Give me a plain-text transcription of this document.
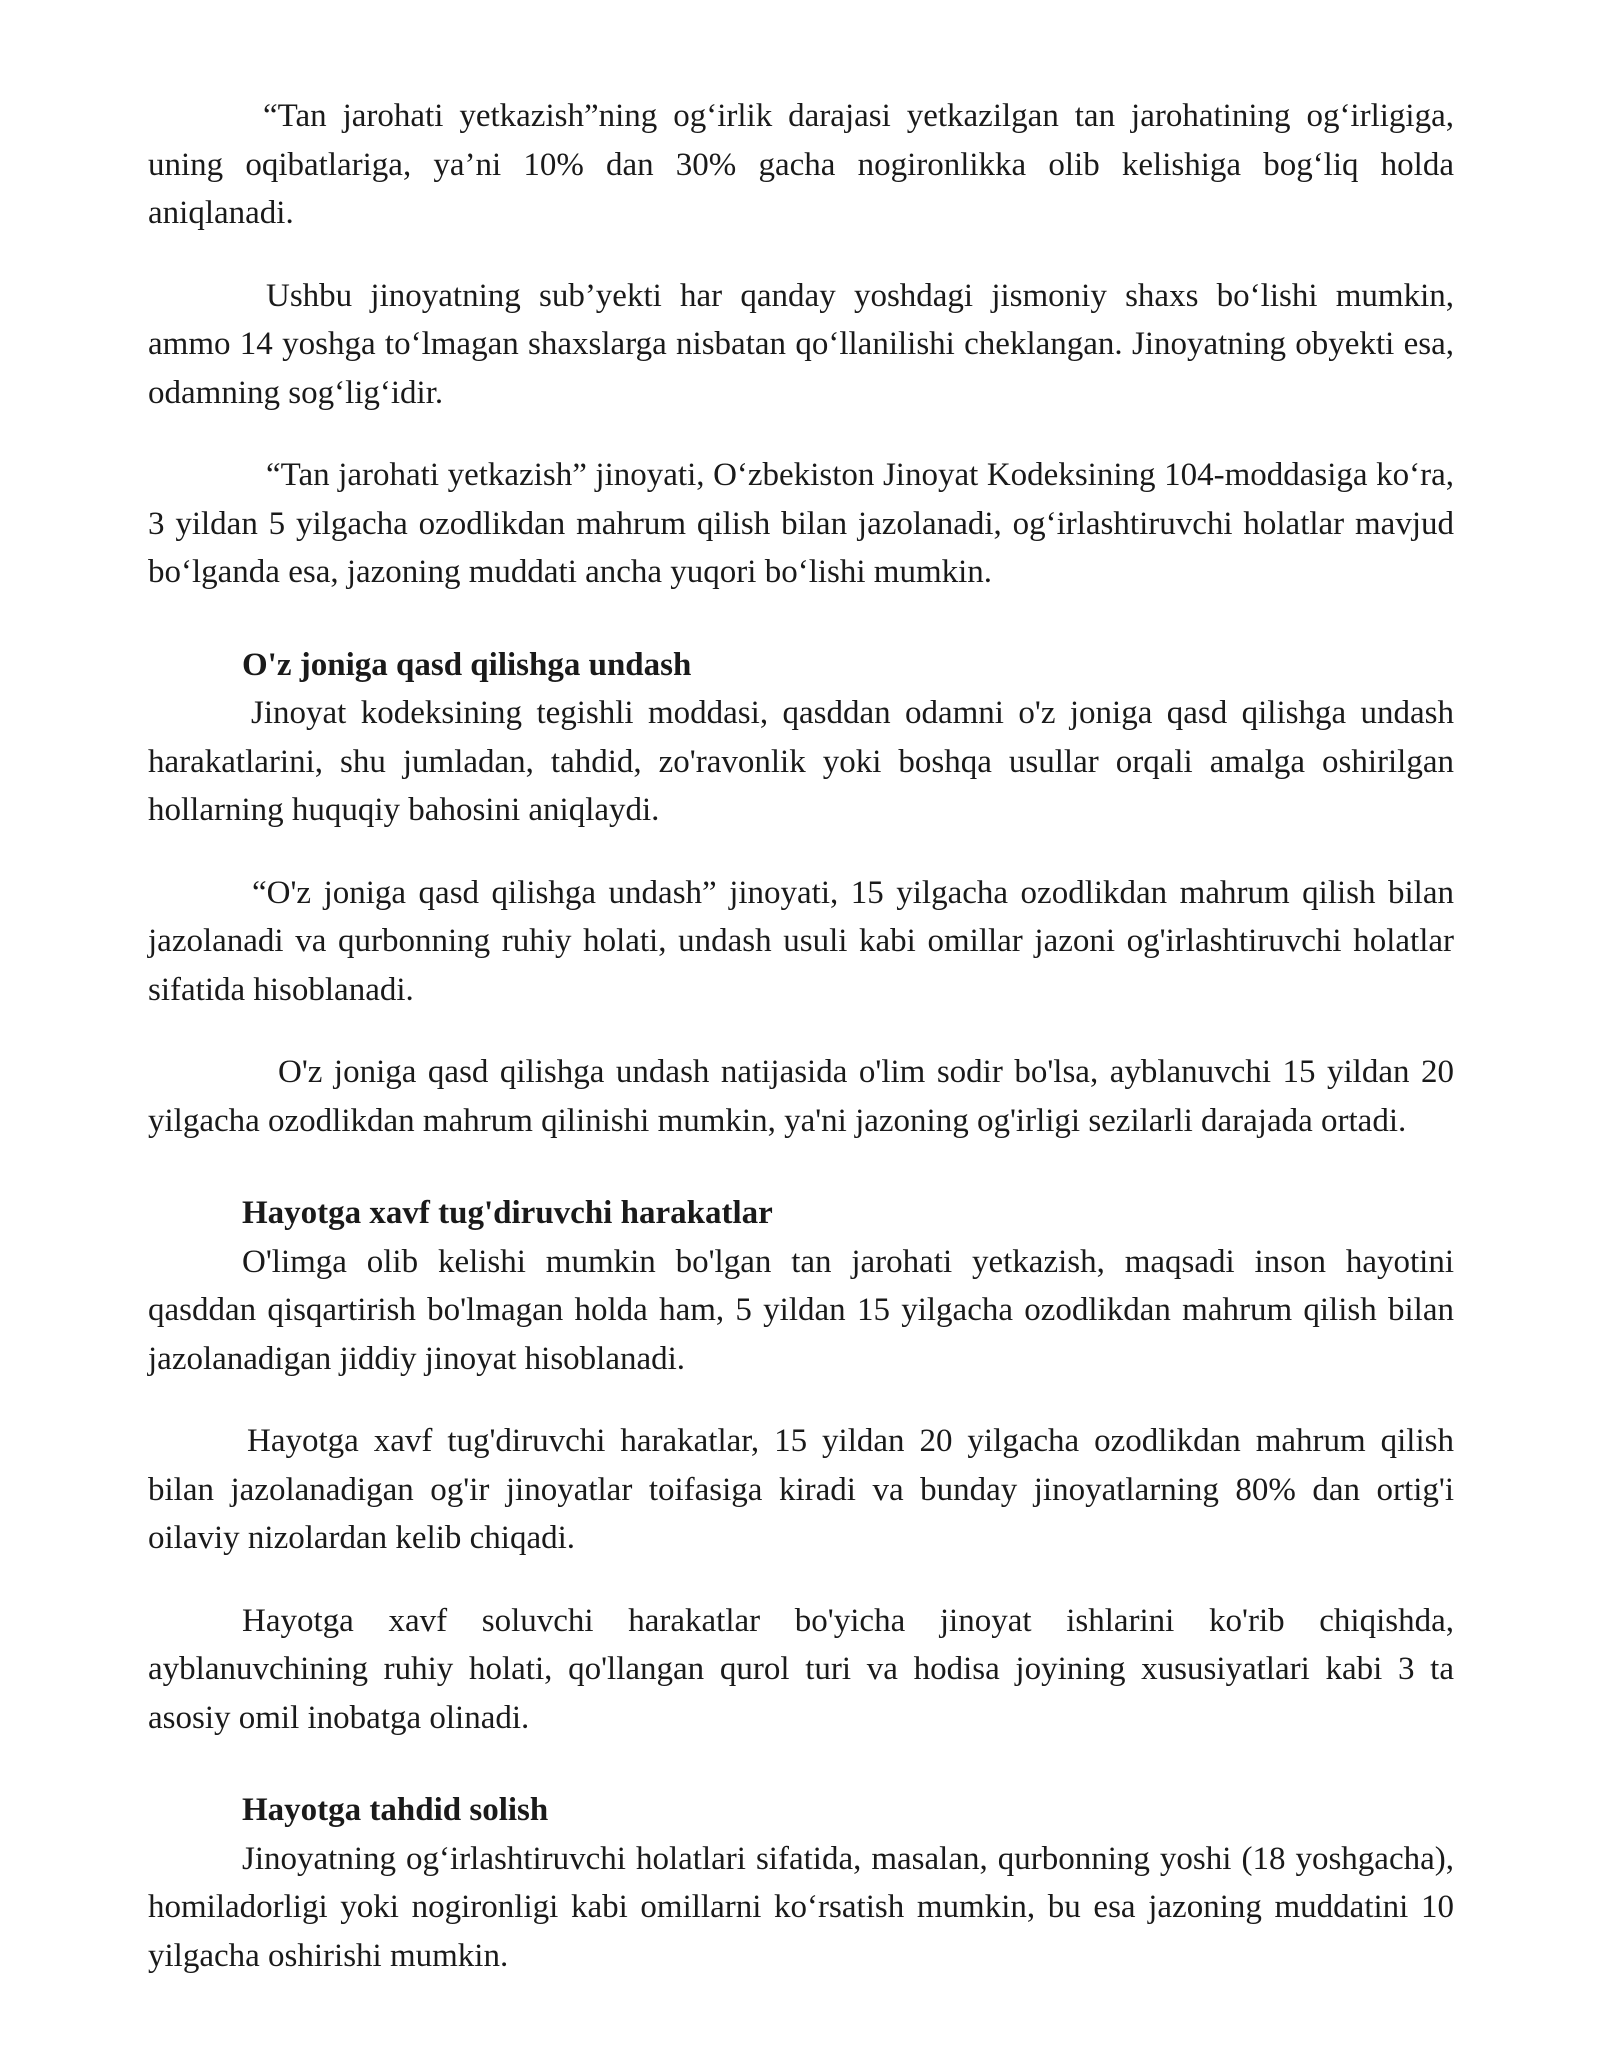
“Tan jarohati yetkazish”ning ogʻirlik darajasi yetkazilgan tan jarohatining ogʻirligiga, uning oqibatlariga, ya’ni 10% dan 30% gacha nogironlikka olib kelishiga bogʻliq holda aniqlanadi.

Ushbu jinoyatning sub’yekti har qanday yoshdagi jismoniy shaxs boʻlishi mumkin, ammo 14 yoshga toʻlmagan shaxslarga nisbatan qoʻllanilishi cheklangan. Jinoyatning obyekti esa, odamning sogʻligʻidir.

“Tan jarohati yetkazish” jinoyati, Oʻzbekiston Jinoyat Kodeksining 104-moddasiga koʻra, 3 yildan 5 yilgacha ozodlikdan mahrum qilish bilan jazolanadi, ogʻirlashtiruvchi holatlar mavjud boʻlganda esa, jazoning muddati ancha yuqori boʻlishi mumkin.

O'z joniga qasd qilishga undash

Jinoyat kodeksining tegishli moddasi, qasddan odamni o'z joniga qasd qilishga undash harakatlarini, shu jumladan, tahdid, zo'ravonlik yoki boshqa usullar orqali amalga oshirilgan hollarning huquqiy bahosini aniqlaydi.

“O'z joniga qasd qilishga undash” jinoyati, 15 yilgacha ozodlikdan mahrum qilish bilan jazolanadi va qurbonning ruhiy holati, undash usuli kabi omillar jazoni og'irlashtiruvchi holatlar sifatida hisoblanadi.

O'z joniga qasd qilishga undash natijasida o'lim sodir bo'lsa, ayblanuvchi 15 yildan 20 yilgacha ozodlikdan mahrum qilinishi mumkin, ya'ni jazoning og'irligi sezilarli darajada ortadi.

Hayotga xavf tug'diruvchi harakatlar

O'limga olib kelishi mumkin bo'lgan tan jarohati yetkazish, maqsadi inson hayotini qasddan qisqartirish bo'lmagan holda ham, 5 yildan 15 yilgacha ozodlikdan mahrum qilish bilan jazolanadigan jiddiy jinoyat hisoblanadi.

Hayotga xavf tug'diruvchi harakatlar, 15 yildan 20 yilgacha ozodlikdan mahrum qilish bilan jazolanadigan og'ir jinoyatlar toifasiga kiradi va bunday jinoyatlarning 80% dan ortig'i oilaviy nizolardan kelib chiqadi.

Hayotga xavf soluvchi harakatlar bo'yicha jinoyat ishlarini ko'rib chiqishda, ayblanuvchining ruhiy holati, qo'llangan qurol turi va hodisa joyining xususiyatlari kabi 3 ta asosiy omil inobatga olinadi.

Hayotga tahdid solish

Jinoyatning ogʻirlashtiruvchi holatlari sifatida, masalan, qurbonning yoshi (18 yoshgacha), homiladorligi yoki nogironligi kabi omillarni koʻrsatish mumkin, bu esa jazoning muddatini 10 yilgacha oshirishi mumkin.
